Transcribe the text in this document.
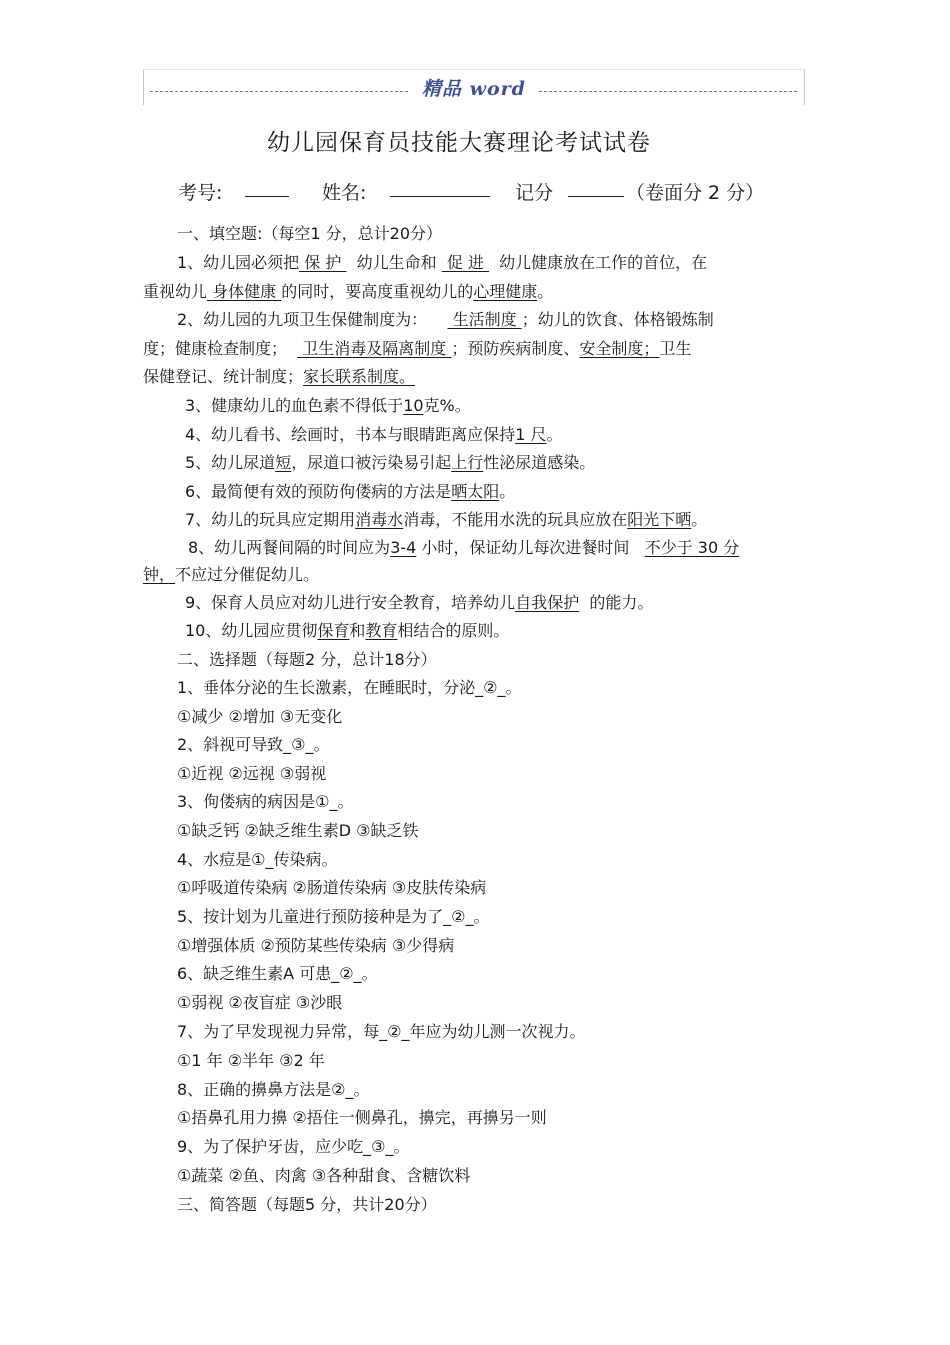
精品 word
幼儿园保育员技能大赛理论考试试卷
考号:	姓名:	记分	（卷面分 2 分）
一、填空题:（每空1 分，总计20分）
1、幼儿园必须把 保 护   幼儿生命和  促 进   幼儿健康放在工作的首位，在
重视幼儿 身体健康 的同时，要高度重视幼儿的心理健康。
2、幼儿园的九项卫生保健制度为：     生活制度 ；幼儿的饮食、体格锻炼制
度；健康检查制度；   卫生消毒及隔离制度 ；预防疾病制度、安全制度；卫生
保健登记、统计制度；家长联系制度。
3、健康幼儿的血色素不得低于10克%。
4、幼儿看书、绘画时，书本与眼睛距离应保持1 尺。
5、幼儿尿道短，尿道口被污染易引起上行性泌尿道感染。
6、最简便有效的预防佝偻病的方法是晒太阳。
7、幼儿的玩具应定期用消毒水消毒，不能用水洗的玩具应放在阳光下晒。
8、幼儿两餐间隔的时间应为3-4 小时，保证幼儿每次进餐时间 不少于 30 分
钟，不应过分催促幼儿。
9、保育人员应对幼儿进行安全教育，培养幼儿自我保护 的能力。
10、幼儿园应贯彻保育和教育相结合的原则。
二、选择题（每题2 分，总计18分）
1、垂体分泌的生长激素，在睡眠时，分泌_②_。
①减少 ②增加 ③无变化
2、斜视可导致_③_。
①近视 ②远视 ③弱视
3、佝偻病的病因是①_。
①缺乏钙 ②缺乏维生素D ③缺乏铁
4、水痘是①_传染病。
①呼吸道传染病 ②肠道传染病 ③皮肤传染病
5、按计划为儿童进行预防接种是为了_②_。
①增强体质 ②预防某些传染病 ③少得病
6、缺乏维生素A 可患_②_。
①弱视 ②夜盲症 ③沙眼
7、为了早发现视力异常，每_②_年应为幼儿测一次视力。
①1 年 ②半年 ③2 年
8、正确的擤鼻方法是②_。
①捂鼻孔用力擤 ②捂住一侧鼻孔，擤完，再擤另一则
9、为了保护牙齿，应少吃_③_。
①蔬菜 ②鱼、肉禽 ③各种甜食、含糖饮料
三、简答题（每题5 分，共计20分）
